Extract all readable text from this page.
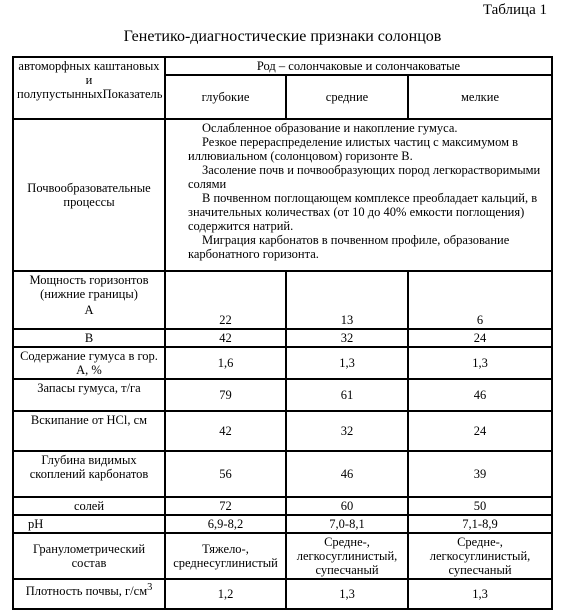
Таблица 1
Генетико-диагностические признаки солонцов
автоморфных каштановых и полупустынныхПоказатель	Род – солончаковые и солончаковатые		
	глубокие	средние	мелкие
Почвообразовательные процессы	Ослабленное образование и накопление гумуса.

Резкое перераспределение илистых частиц с максимумом в иллювиальном (солонцовом) горизонте В.

Засоление почв и почвообразующих пород легкорастворимыми солями

В почвенном поглощающем комплексе преобладает кальций, в значительных количествах (от 10 до 40% емкости поглощения) содержится натрий.

Миграция карбонатов в почвенном профиле, образование карбонатного горизонта.		

Мощность горизонтов (нижние границы)
A	22	13	6
B	42	32	24
Содержание гумуса в гор. А, %	1,6	1,3	1,3
Запасы гумуса, т/га	79	61	46
Вскипание от HCl, см	42	32	24
Глубина видимых скоплений карбонатов	56	46	39
солей	72	60	50
pH	6,9-8,2	7,0-8,1	7,1-8,9
Гранулометрический состав	Тяжело-, среднесуглинистый	Средне-, легкосуглинистый, супесчаный	Средне-, легкосуглинистый, супесчаный
Плотность почвы, $г/см^3$	1,2	1,3	1,3
